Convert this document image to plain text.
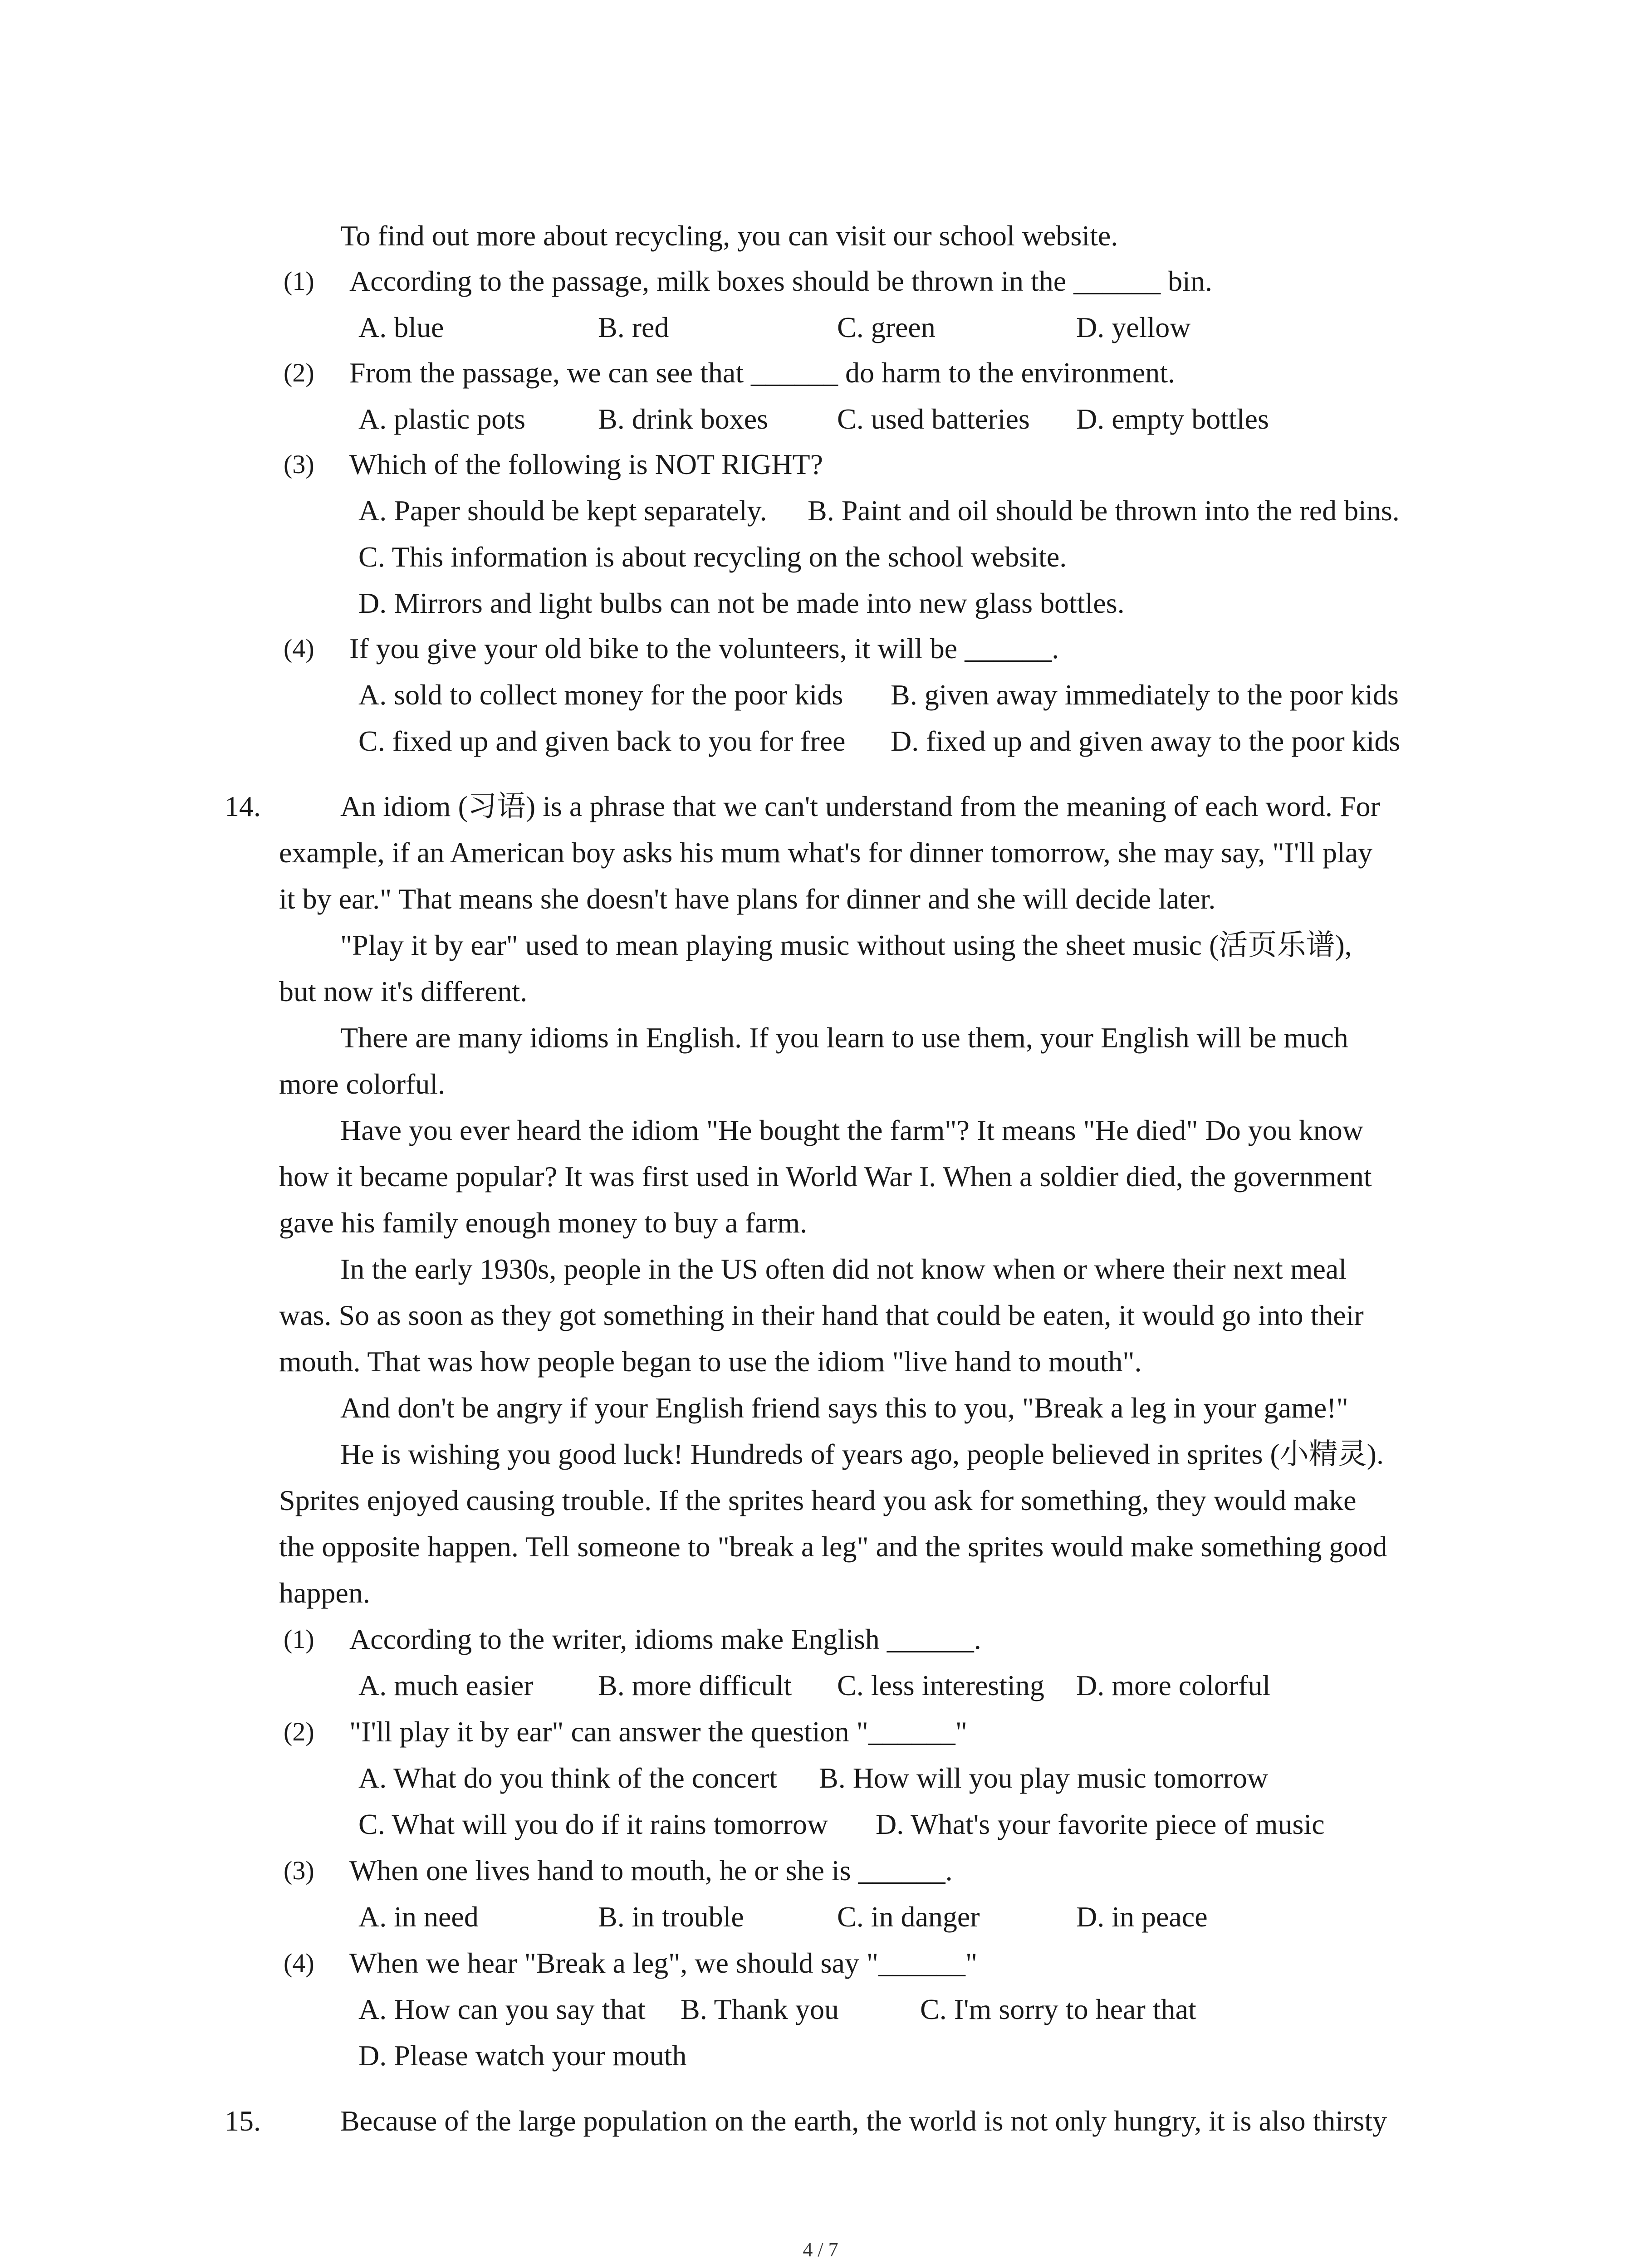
To find out more about recycling, you can visit our school website.
(1) According to the passage, milk boxes should be thrown in the ______ bin.
A. blue	B. red	C. green	D. yellow
(2) From the passage, we can see that ______ do harm to the environment.
A. plastic pots	B. drink boxes C. used batteries D. empty bottles
(3) Which of the following is NOT RIGHT?
A. Paper should be kept separately. B. Paint and oil should be thrown into the red bins.
C. This information is about recycling on the school website.
D. Mirrors and light bulbs can not be made into new glass bottles.
(4) If you give your old bike to the volunteers, it will be ______.
A. sold to collect money for the poor kids B. given away immediately to the poor kids
C. fixed up and given back to you for free D. fixed up and given away to the poor kids
14.	An idiom (习语) is a phrase that we can't understand from the meaning of each word. For
example, if an American boy asks his mum what's for dinner tomorrow, she may say, "I'll play
it by ear." That means she doesn't have plans for dinner and she will decide later.
"Play it by ear" used to mean playing music without using the sheet music (活页乐谱),
but now it's different.
There are many idioms in English. If you learn to use them, your English will be much
more colorful.
Have you ever heard the idiom "He bought the farm"? It means "He died" Do you know
how it became popular? It was first used in World War I. When a soldier died, the government
gave his family enough money to buy a farm.
In the early 1930s, people in the US often did not know when or where their next meal
was. So as soon as they got something in their hand that could be eaten, it would go into their
mouth. That was how people began to use the idiom "live hand to mouth".
And don't be angry if your English friend says this to you, "Break a leg in your game!"
He is wishing you good luck! Hundreds of years ago, people believed in sprites (小精灵).
Sprites enjoyed causing trouble. If the sprites heard you ask for something, they would make
the opposite happen. Tell someone to "break a leg" and the sprites would make something good
happen.
(1) According to the writer, idioms make English ______.
A. much easier B. more difficult C. less interesting D. more colorful
(2) "I'll play it by ear" can answer the question "______"
A. What do you think of the concert B. How will you play music tomorrow
C. What will you do if it rains tomorrow D. What's your favorite piece of music
(3) When one lives hand to mouth, he or she is ______.
A. in need	B. in trouble	C. in danger	D. in peace
(4) When we hear "Break a leg", we should say "______"
A. How can you say that B. Thank you	C. I'm sorry to hear that
D. Please watch your mouth
15.	Because of the large population on the earth, the world is not only hungry, it is also thirsty
4 / 7
